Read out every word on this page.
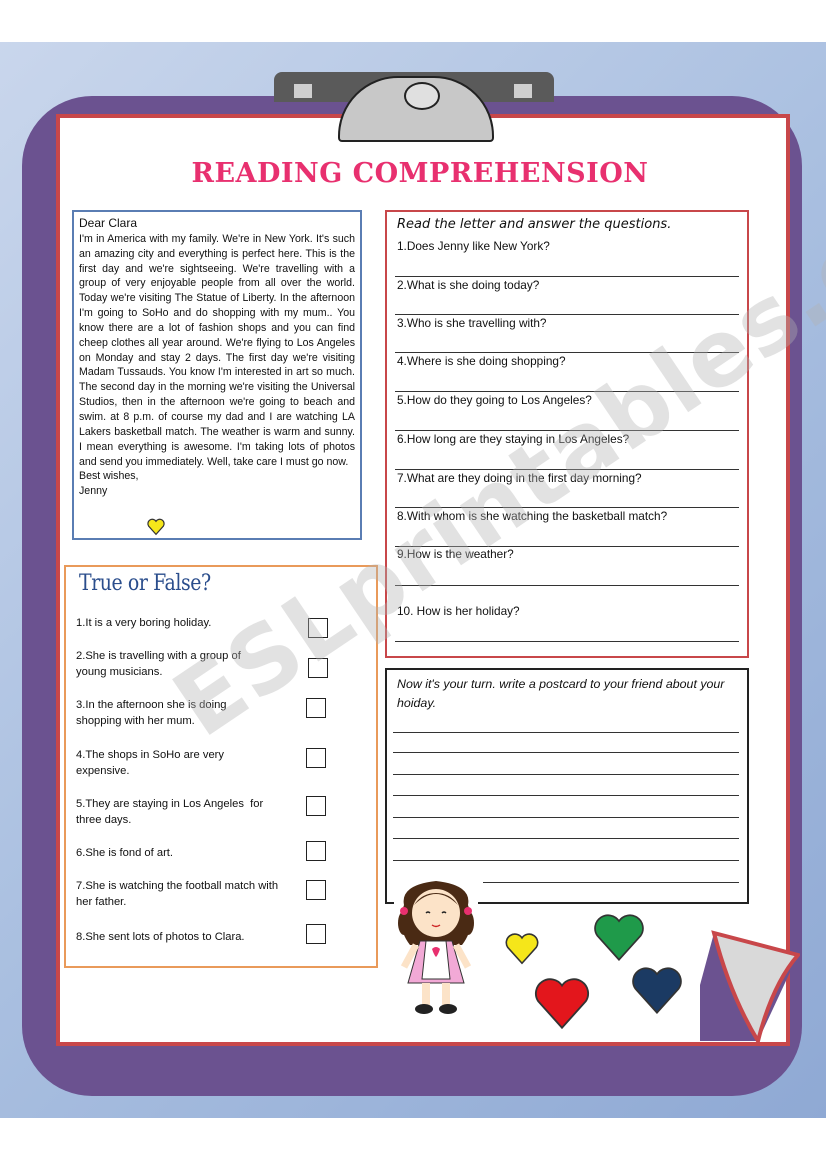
READING COMPREHENSION
Dear Clara

I'm in America with my family. We're in New York. It's such an amazing city and everything is perfect here. This is the first day and we're sightseeing. We're travelling with a group of very enjoyable people from all over the world. Today we're visiting The Statue of Liberty. In the afternoon I'm going to SoHo and do shopping with my mum.. You know there are a lot of fashion shops and you can find cheep clothes all year around. We're flying to Los Angeles on Monday and stay 2 days. The first day we're visiting Madam Tussauds. You know I'm interested in art so much. The second day in the morning we're visiting the Universal Studios, then in the afternoon we're going to beach and swim. at 8 p.m. of course my dad and I are watching LA Lakers basketball match. The weather is warm and sunny. I mean everything is awesome. I'm taking lots of photos and send you immediately. Well, take care I must go now.

Best wishes,
Jenny
True or False?
1.It is a very boring holiday.
2.She is travelling with a group of young musicians.
3.In the afternoon she is doing shopping with her mum.
4.The shops in SoHo are very expensive.
5.They are staying in Los Angeles  for three days.
6.She is fond of art.
7.She is watching the football match with her father.
8.She sent lots of photos to Clara.
Read the letter and answer the questions.
1.Does Jenny like New York?
2.What is she doing today?
3.Who is she travelling with?
4.Where is she doing shopping?
5.How do they going to Los Angeles?
6.How long are they staying in Los Angeles?
7.What are they doing in the first day morning?
8.With whom is she watching the basketball match?
9.How is the weather?
10. How is her holiday?
Now it's your turn. write a postcard to your friend about your hoiday.
